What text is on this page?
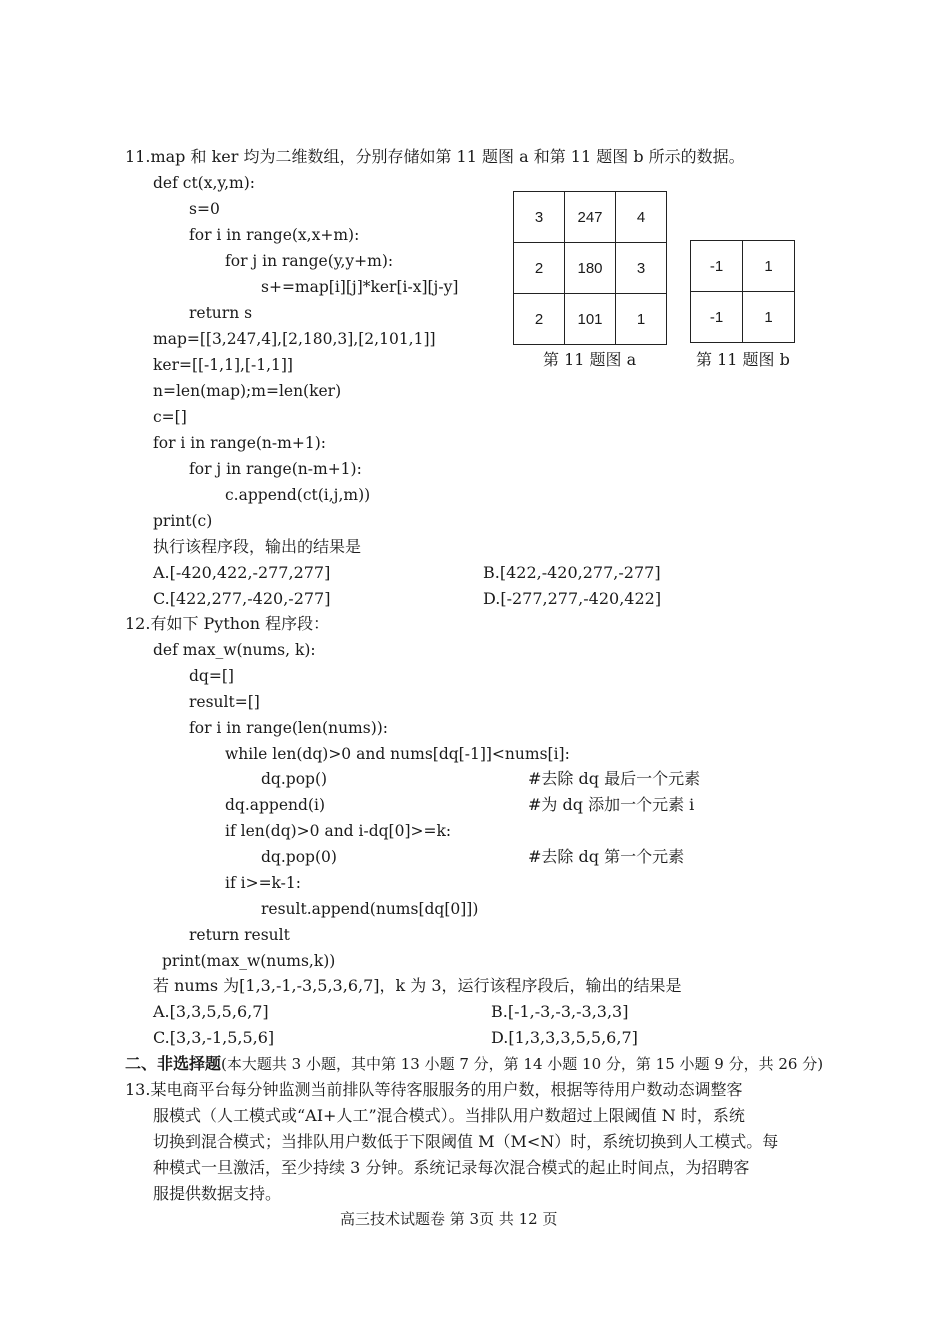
11.map 和 ker 均为二维数组，分别存储如第 11 题图 a 和第 11 题图 b 所示的数据。
def ct(x,y,m):
s=0
for i in range(x,x+m):
for j in range(y,y+m):
s+=map[i][j]*ker[i-x][j-y]
return s
map=[[3,247,4],[2,180,3],[2,101,1]]
ker=[[-1,1],[-1,1]]
n=len(map);m=len(ker)
c=[]
for i in range(n-m+1):
for j in range(n-m+1):
c.append(ct(i,j,m))
print(c)
执行该程序段，输出的结果是
A.[-420,422,-277,277]	B.[422,-420,277,-277]
C.[422,277,-420,-277]	D.[-277,277,-420,422]
3	247	4
2	180	3
2	101	1
第 11 题图 a
-1	1
-1	1
第 11 题图 b
12.有如下 Python 程序段：
def max_w(nums, k):
dq=[]
result=[]
for i in range(len(nums)):
while len(dq)>0 and nums[dq[-1]]<nums[i]:
dq.pop()	#去除 dq 最后一个元素
dq.append(i)	#为 dq 添加一个元素 i
if len(dq)>0 and i-dq[0]>=k:
dq.pop(0)	#去除 dq 第一个元素
if i>=k-1:
result.append(nums[dq[0]])
return result
print(max_w(nums,k))
若 nums 为[1,3,-1,-3,5,3,6,7]，k 为 3，运行该程序段后，输出的结果是
A.[3,3,5,5,6,7]	B.[-1,-3,-3,-3,3,3]
C.[3,3,-1,5,5,6]	D.[1,3,3,3,5,5,6,7]
二、非选择题(本大题共 3 小题，其中第 13 小题 7 分，第 14 小题 10 分，第 15 小题 9 分，共 26 分)
13.某电商平台每分钟监测当前排队等待客服服务的用户数，根据等待用户数动态调整客
服模式（人工模式或“AI+人工”混合模式）。当排队用户数超过上限阈值 N 时，系统
切换到混合模式；当排队用户数低于下限阈值 M（M<N）时，系统切换到人工模式。每
种模式一旦激活，至少持续 3 分钟。系统记录每次混合模式的起止时间点，为招聘客
服提供数据支持。
高三技术试题卷 第 3页 共 12 页
